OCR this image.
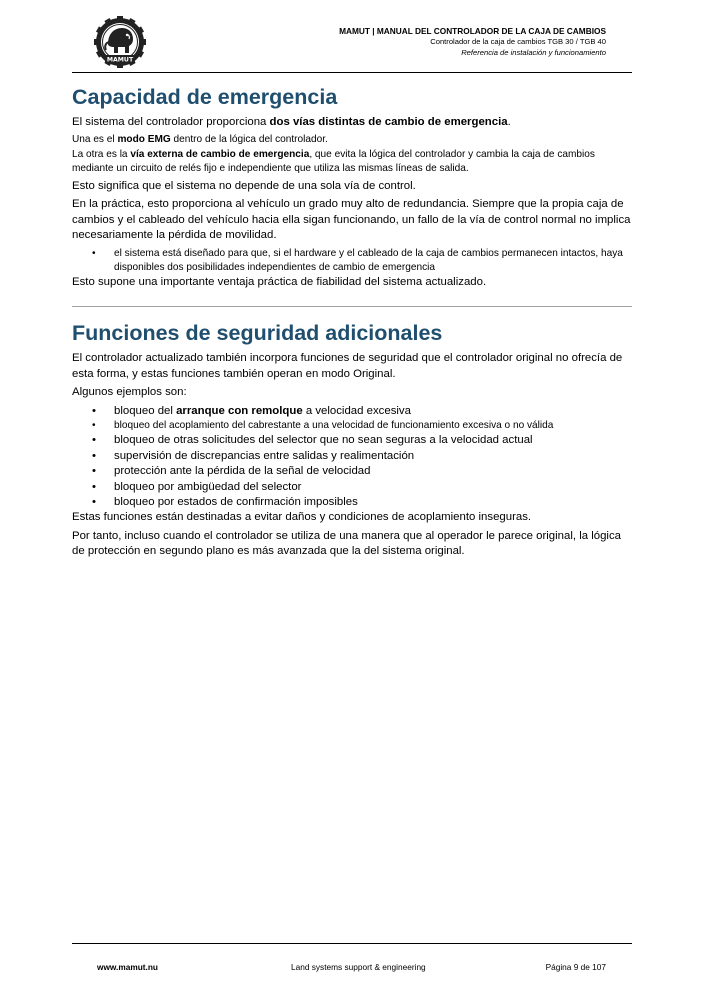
MAMUT
MAMUT | MANUAL DEL CONTROLADOR DE LA CAJA DE CAMBIOS
Controlador de la caja de cambios TGB 30 / TGB 40
Referencia de instalación y funcionamiento
Capacidad de emergencia

El sistema del controlador proporciona dos vías distintas de cambio de emergencia.

Una es el modo EMG dentro de la lógica del controlador.

La otra es la vía externa de cambio de emergencia, que evita la lógica del controlador y cambia la caja de cambios mediante un circuito de relés fijo e independiente que utiliza las mismas líneas de salida.

Esto significa que el sistema no depende de una sola vía de control.

En la práctica, esto proporciona al vehículo un grado muy alto de redundancia. Siempre que la propia caja de cambios y el cableado del vehículo hacia ella sigan funcionando, un fallo de la vía de control normal no implica necesariamente la pérdida de movilidad.

• el sistema está diseñado para que, si el hardware y el cableado de la caja de cambios permanecen intactos, haya disponibles dos posibilidades independientes de cambio de emergencia

Esto supone una importante ventaja práctica de fiabilidad del sistema actualizado.

Funciones de seguridad adicionales

El controlador actualizado también incorpora funciones de seguridad que el controlador original no ofrecía de esta forma, y estas funciones también operan en modo Original.

Algunos ejemplos son:

• bloqueo del arranque con remolque a velocidad excesiva
• bloqueo del acoplamiento del cabrestante a una velocidad de funcionamiento excesiva o no válida
• bloqueo de otras solicitudes del selector que no sean seguras a la velocidad actual
• supervisión de discrepancias entre salidas y realimentación
• protección ante la pérdida de la señal de velocidad
• bloqueo por ambigüedad del selector
• bloqueo por estados de confirmación imposibles

Estas funciones están destinadas a evitar daños y condiciones de acoplamiento inseguras.

Por tanto, incluso cuando el controlador se utiliza de una manera que al operador le parece original, la lógica de protección en segundo plano es más avanzada que la del sistema original.

www.mamut.nu	Land systems support & engineering	Página 9 de 107
